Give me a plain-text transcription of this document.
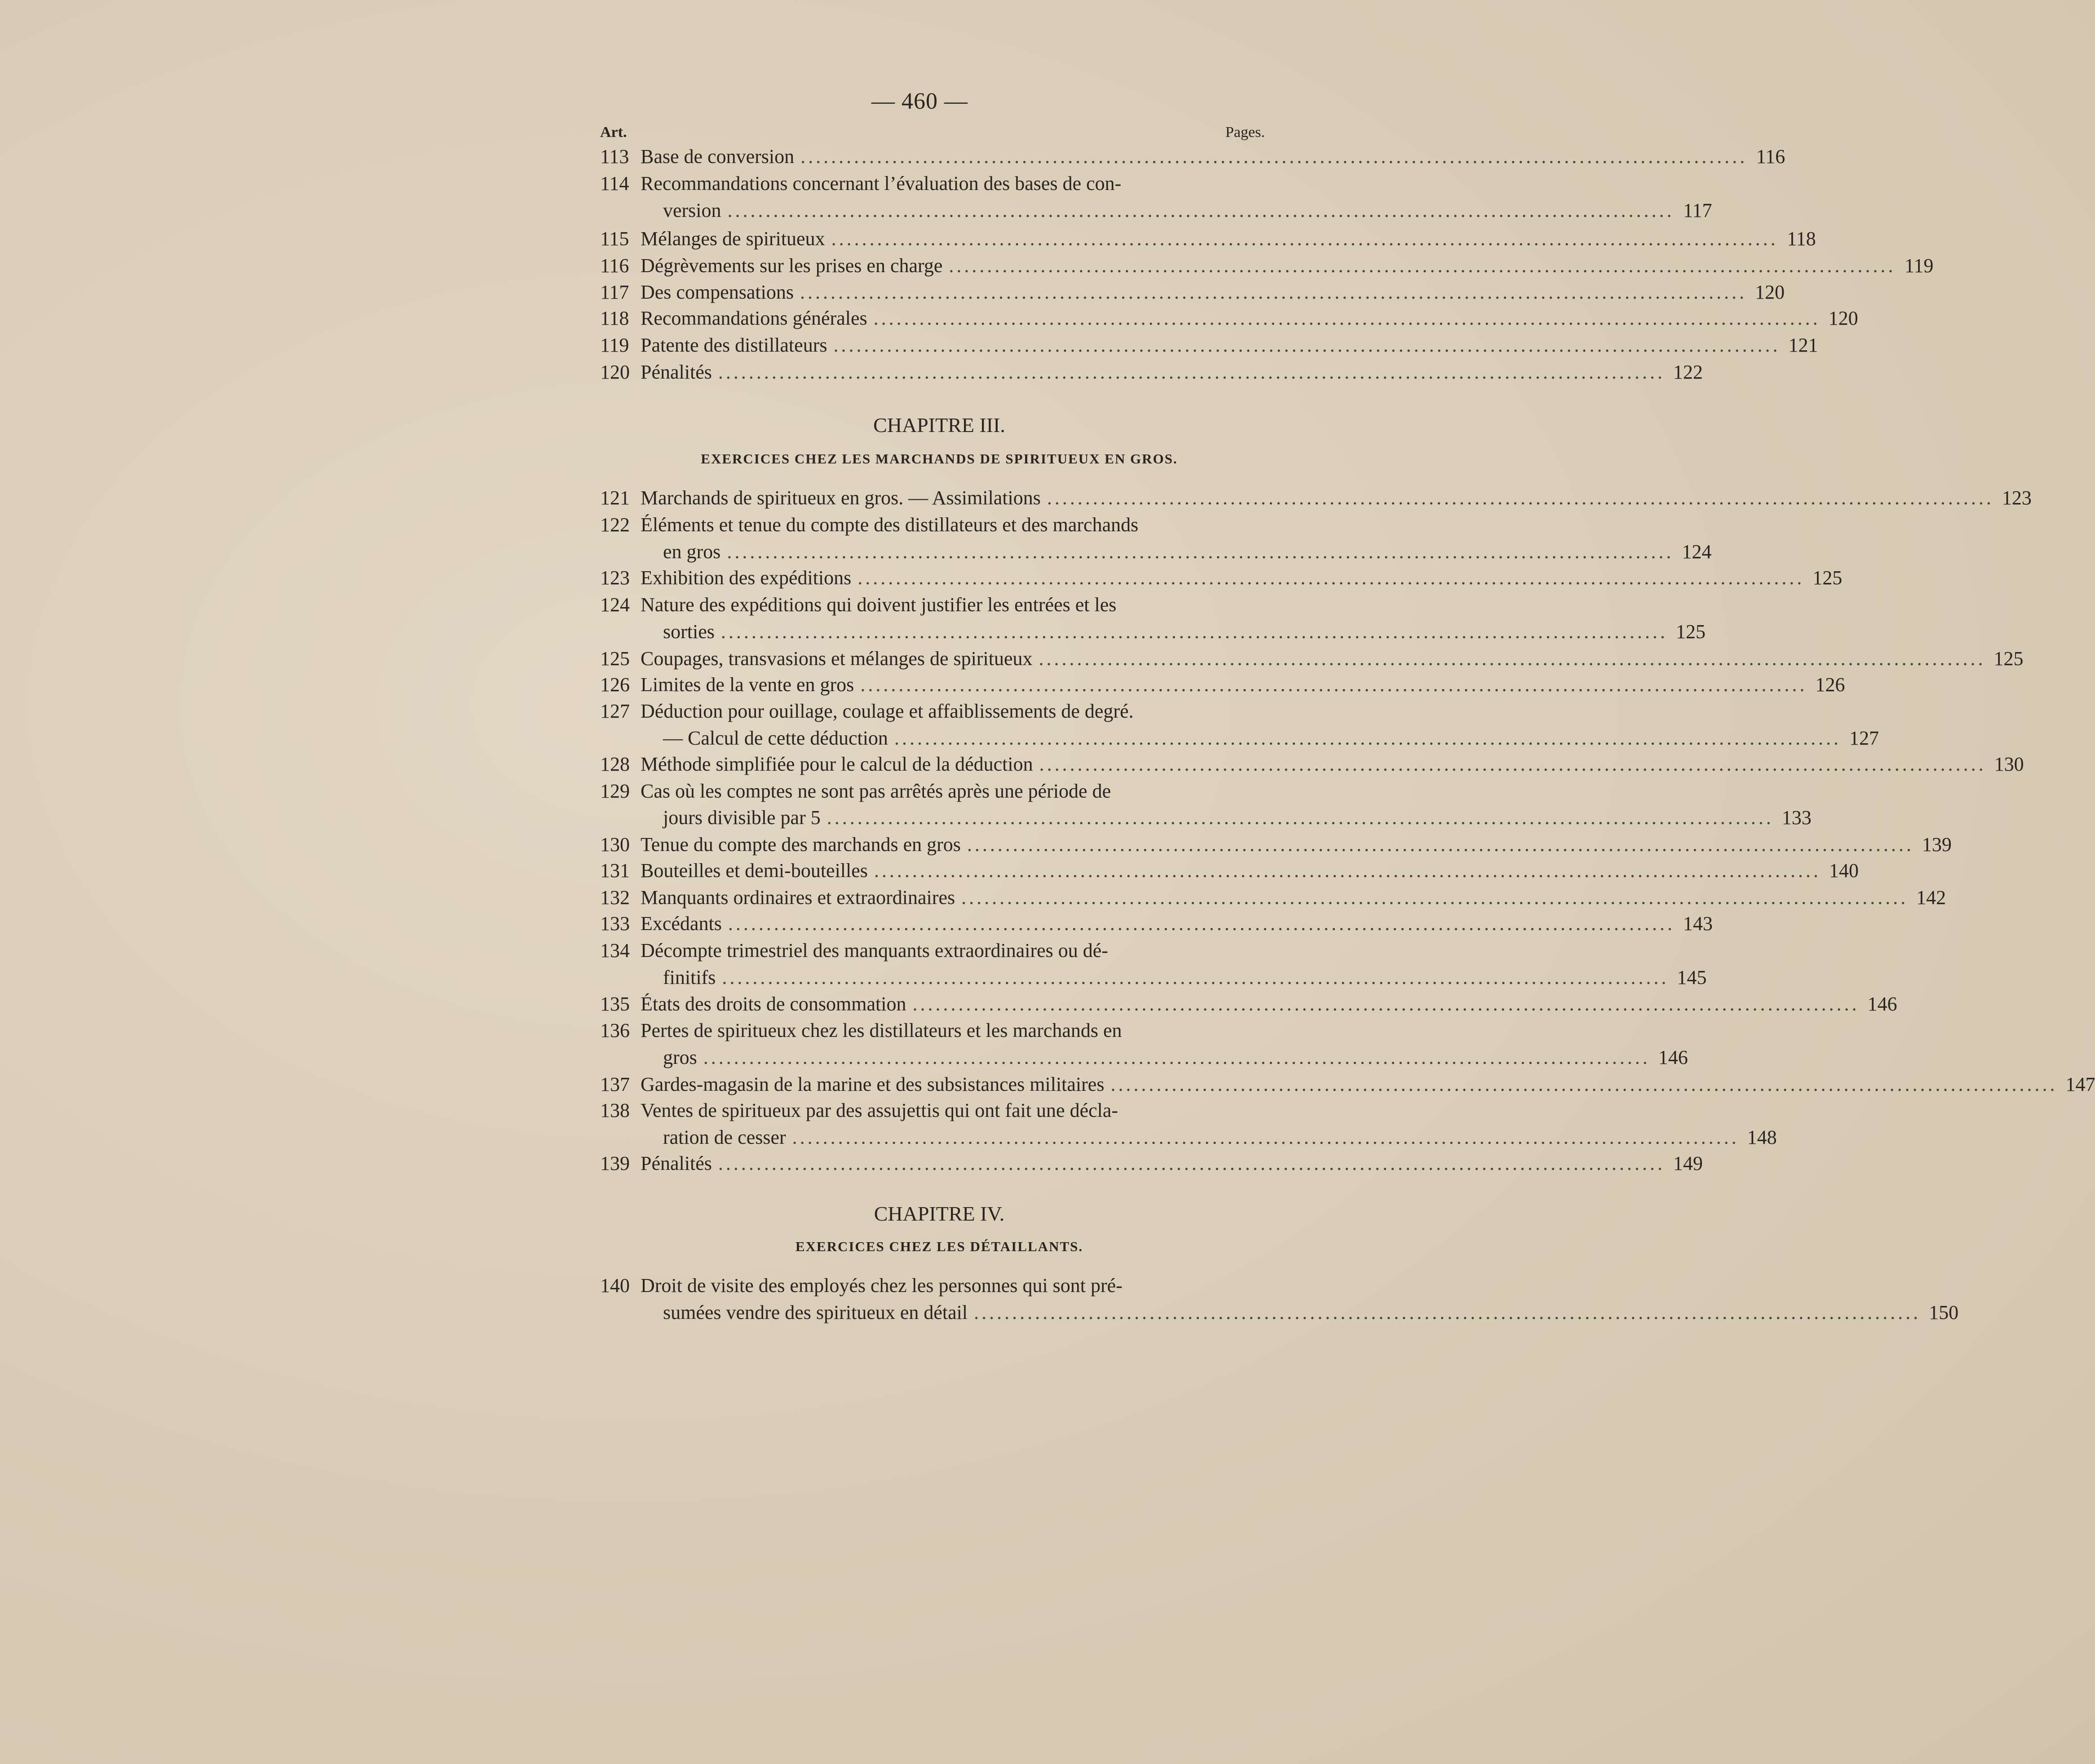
— 460 —
Art.	Pages.
CHAPITRE III.
EXERCICES CHEZ LES MARCHANDS DE SPIRITUEUX EN GROS.
CHAPITRE IV.
EXERCICES CHEZ LES DÉTAILLANTS.
113 Base de conversion ............................................................................................................................ 116
114 Recommandations concernant l’évaluation des bases de con-
version ............................................................................................................................ 117
115 Mélanges de spiritueux ............................................................................................................................ 118
116 Dégrèvements sur les prises en charge ............................................................................................................................ 119
117 Des compensations ............................................................................................................................ 120
118 Recommandations générales ............................................................................................................................ 120
119 Patente des distillateurs ............................................................................................................................ 121
120 Pénalités ............................................................................................................................ 122
121 Marchands de spiritueux en gros. — Assimilations ............................................................................................................................ 123
122 Éléments et tenue du compte des distillateurs et des marchands
en gros ............................................................................................................................ 124
123 Exhibition des expéditions ............................................................................................................................ 125
124 Nature des expéditions qui doivent justifier les entrées et les
sorties ............................................................................................................................ 125
125 Coupages, transvasions et mélanges de spiritueux ............................................................................................................................ 125
126 Limites de la vente en gros ............................................................................................................................ 126
127 Déduction pour ouillage, coulage et affaiblissements de degré.
— Calcul de cette déduction ............................................................................................................................ 127
128 Méthode simplifiée pour le calcul de la déduction ............................................................................................................................ 130
129 Cas où les comptes ne sont pas arrêtés après une période de
jours divisible par 5 ............................................................................................................................ 133
130 Tenue du compte des marchands en gros ............................................................................................................................ 139
131 Bouteilles et demi-bouteilles ............................................................................................................................ 140
132 Manquants ordinaires et extraordinaires ............................................................................................................................ 142
133 Excédants ............................................................................................................................ 143
134 Décompte trimestriel des manquants extraordinaires ou dé-
finitifs ............................................................................................................................ 145
135 États des droits de consommation ............................................................................................................................ 146
136 Pertes de spiritueux chez les distillateurs et les marchands en
gros ............................................................................................................................ 146
137 Gardes-magasin de la marine et des subsistances militaires ............................................................................................................................ 147
138 Ventes de spiritueux par des assujettis qui ont fait une décla-
ration de cesser ............................................................................................................................ 148
139 Pénalités ............................................................................................................................ 149
140 Droit de visite des employés chez les personnes qui sont pré-
sumées vendre des spiritueux en détail ............................................................................................................................ 150
